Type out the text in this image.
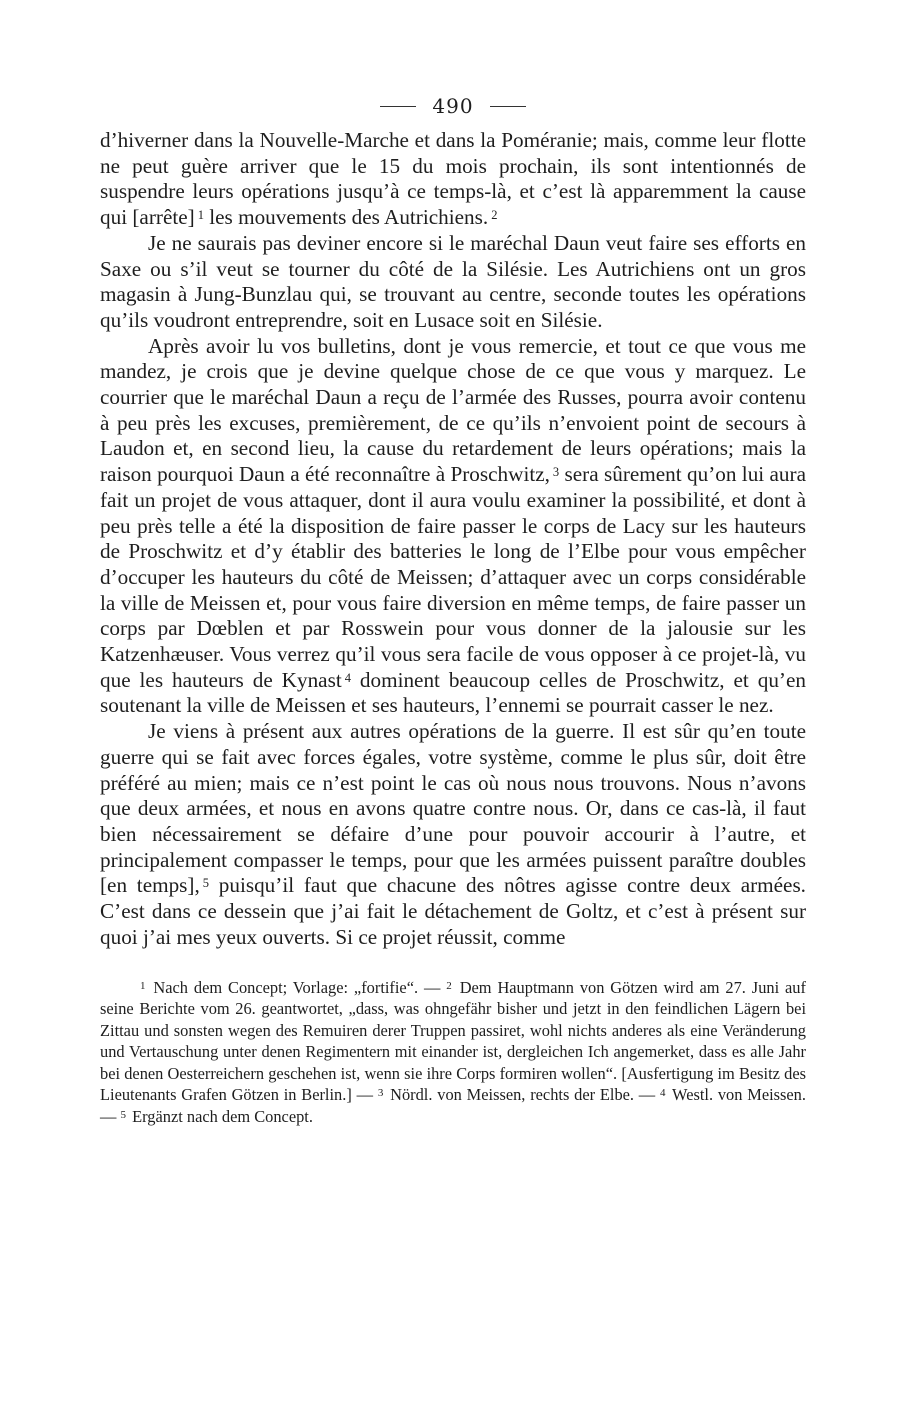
490

d’hiverner dans la Nouvelle-Marche et dans la Poméranie; mais, comme leur flotte ne peut guère arriver que le 15 du mois prochain, ils sont intentionnés de suspendre leurs opérations jusqu’à ce temps-là, et c’est là apparemment la cause qui [arrête] $^1$ les mouvements des Autrichiens. $^2$

Je ne saurais pas deviner encore si le maréchal Daun veut faire ses efforts en Saxe ou s’il veut se tourner du côté de la Silésie. Les Autrichiens ont un gros magasin à Jung-Bunzlau qui, se trouvant au centre, seconde toutes les opérations qu’ils voudront entreprendre, soit en Lusace soit en Silésie.

Après avoir lu vos bulletins, dont je vous remercie, et tout ce que vous me mandez, je crois que je devine quelque chose de ce que vous y marquez. Le courrier que le maréchal Daun a reçu de l’armée des Russes, pourra avoir contenu à peu près les excuses, premièrement, de ce qu’ils n’envoient point de secours à Laudon et, en second lieu, la cause du retardement de leurs opérations; mais la raison pourquoi Daun a été reconnaître à Proschwitz, $^3$ sera sûrement qu’on lui aura fait un projet de vous attaquer, dont il aura voulu examiner la possibilité, et dont à peu près telle a été la disposition de faire passer le corps de Lacy sur les hauteurs de Proschwitz et d’y établir des batteries le long de l’Elbe pour vous empêcher d’occuper les hauteurs du côté de Meissen; d’attaquer avec un corps considérable la ville de Meissen et, pour vous faire diversion en même temps, de faire passer un corps par Dœblen et par Rosswein pour vous donner de la jalousie sur les Katzenhæuser. Vous verrez qu’il vous sera facile de vous opposer à ce projet-là, vu que les hauteurs de Kynast $^4$ dominent beaucoup celles de Proschwitz, et qu’en soutenant la ville de Meissen et ses hauteurs, l’ennemi se pourrait casser le nez.

Je viens à présent aux autres opérations de la guerre. Il est sûr qu’en toute guerre qui se fait avec forces égales, votre système, comme le plus sûr, doit être préféré au mien; mais ce n’est point le cas où nous nous trouvons. Nous n’avons que deux armées, et nous en avons quatre contre nous. Or, dans ce cas-là, il faut bien nécessairement se défaire d’une pour pouvoir accourir à l’autre, et principalement compasser le temps, pour que les armées puissent paraître doubles [en temps], $^5$ puisqu’il faut que chacune des nôtres agisse contre deux armées. C’est dans ce dessein que j’ai fait le détachement de Goltz, et c’est à présent sur quoi j’ai mes yeux ouverts. Si ce projet réussit, comme

$^1$ Nach dem Concept; Vorlage: „fortifie“. — $^2$ Dem Hauptmann von Götzen wird am 27. Juni auf seine Berichte vom 26. geantwortet, „dass, was ohngefähr bisher und jetzt in den feindlichen Lägern bei Zittau und sonsten wegen des Remuiren derer Truppen passiret, wohl nichts anderes als eine Veränderung und Vertauschung unter denen Regimentern mit einander ist, dergleichen Ich angemerket, dass es alle Jahr bei denen Oesterreichern geschehen ist, wenn sie ihre Corps formiren wollen“. [Ausfertigung im Besitz des Lieutenants Grafen Götzen in Berlin.] — $^3$ Nördl. von Meissen, rechts der Elbe. — $^4$ Westl. von Meissen. — $^5$ Ergänzt nach dem Concept.
